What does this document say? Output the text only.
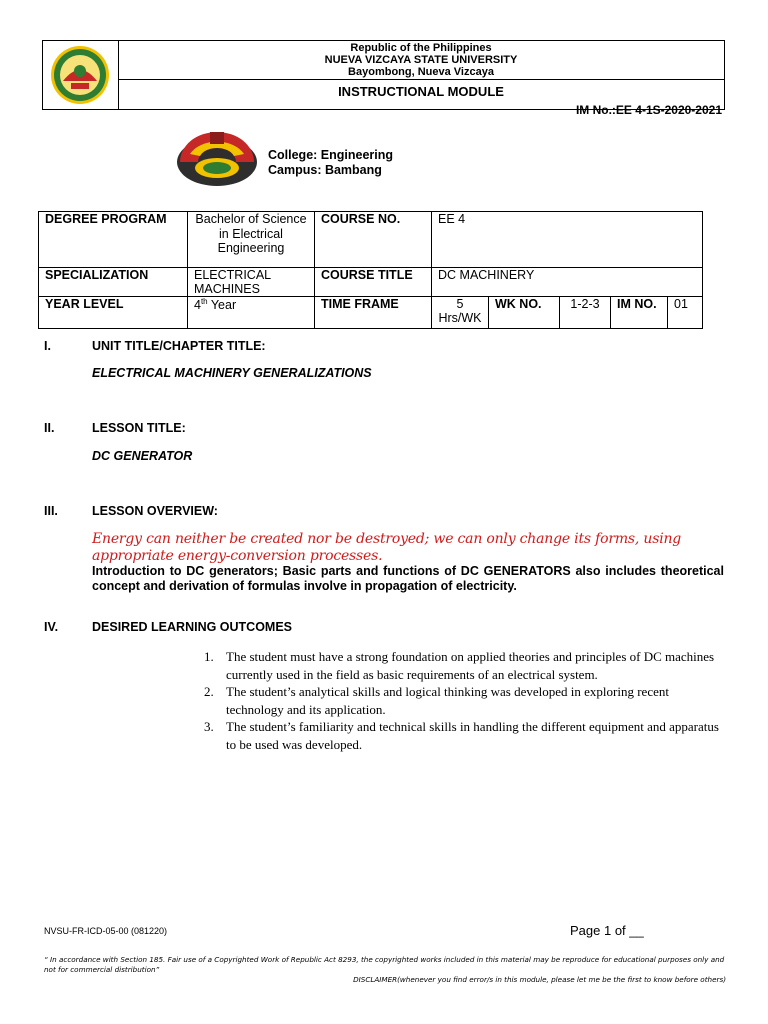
Republic of the Philippines
NUEVA VIZCAYA STATE UNIVERSITY
Bayombong, Nueva Vizcaya
INSTRUCTIONAL MODULE
IM No.:EE 4-1S-2020-2021
College: Engineering
Campus: Bambang
DEGREE PROGRAM	Bachelor of Science in Electrical Engineering	COURSE NO.	EE 4				
SPECIALIZATION	ELECTRICAL MACHINES	COURSE TITLE	DC MACHINERY				
YEAR LEVEL	4th Year	TIME FRAME	5 Hrs/WK	WK NO.	1-2-3	IM NO.	01
I.	UNIT TITLE/CHAPTER TITLE:
ELECTRICAL MACHINERY GENERALIZATIONS
II.	LESSON TITLE:
DC GENERATOR
III.	LESSON OVERVIEW:
Energy can neither be created nor be destroyed; we can only change its forms, using appropriate energy-conversion processes.
Introduction to DC generators; Basic parts and functions of DC GENERATORS also includes theoretical concept and derivation of formulas involve in propagation of electricity.
IV.	DESIRED LEARNING OUTCOMES
1. The student must have a strong foundation on applied theories and principles of DC machines currently used in the field as basic requirements of an electrical system.
2. The student’s analytical skills and logical thinking was developed in exploring recent technology and its application.
3. The student’s familiarity and technical skills in handling the different equipment and apparatus to be used was developed.
NVSU-FR-ICD-05-00 (081220)	Page 1 of __
“ In accordance with Section 185. Fair use of a Copyrighted Work of Republic Act 8293, the copyrighted works included in this material may be reproduce for educational purposes only and not for commercial distribution”
DISCLAIMER(whenever you find error/s in this module, please let me be the first to know before others)
